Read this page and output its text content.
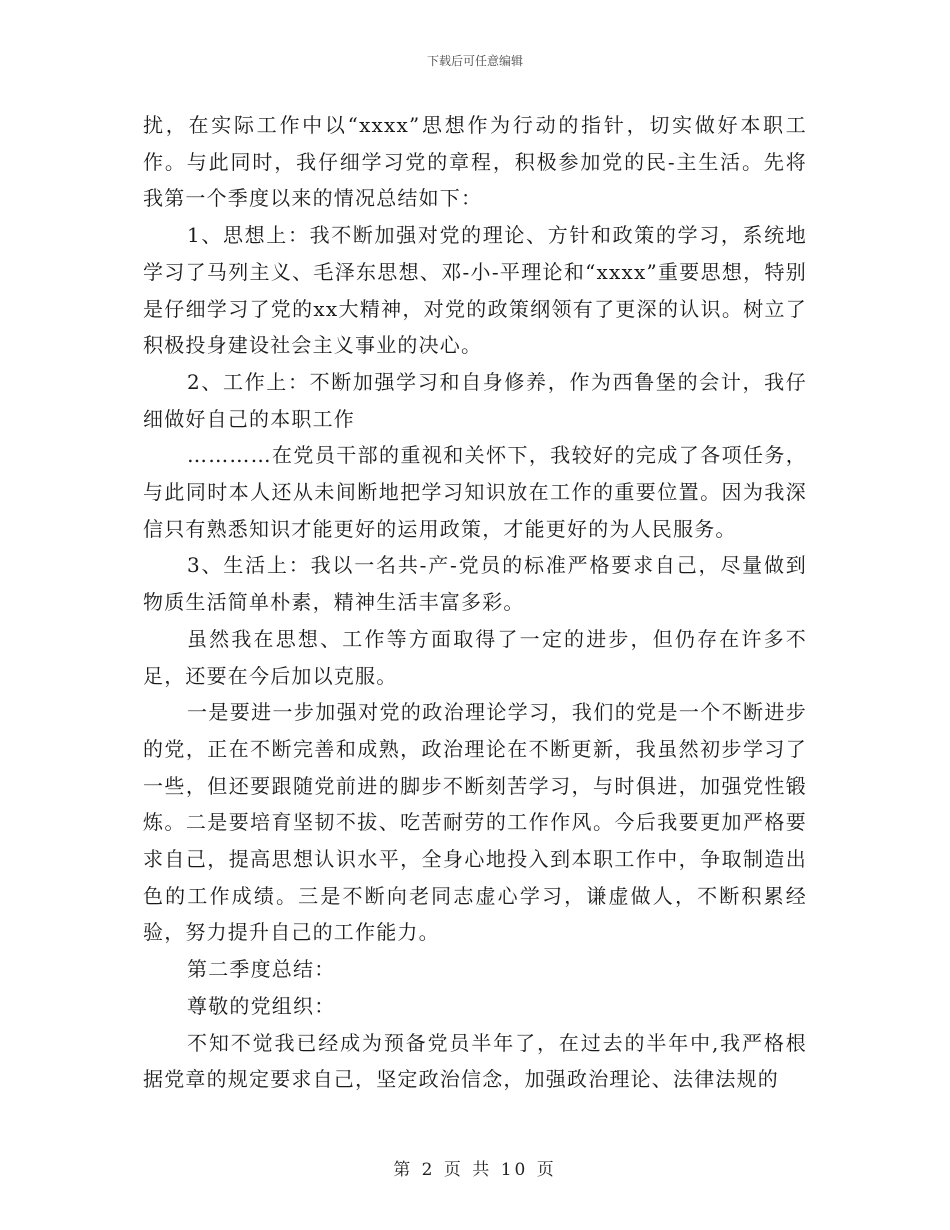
下载后可任意编辑

扰，在实际工作中以“xxxx”思想作为行动的指针，切实做好本职工作。与此同时，我仔细学习党的章程，积极参加党的民-主生活。先将我第一个季度以来的情况总结如下：

1、思想上：我不断加强对党的理论、方针和政策的学习，系统地学习了马列主义、毛泽东思想、邓-小-平理论和“xxxx”重要思想，特别是仔细学习了党的xx大精神，对党的政策纲领有了更深的认识。树立了积极投身建设社会主义事业的决心。

2、工作上：不断加强学习和自身修养，作为西鲁堡的会计，我仔细做好自己的本职工作

…………在党员干部的重视和关怀下，我较好的完成了各项任务，与此同时本人还从未间断地把学习知识放在工作的重要位置。因为我深信只有熟悉知识才能更好的运用政策，才能更好的为人民服务。

3、生活上：我以一名共-产-党员的标准严格要求自己，尽量做到物质生活简单朴素，精神生活丰富多彩。

虽然我在思想、工作等方面取得了一定的进步，但仍存在许多不足，还要在今后加以克服。

一是要进一步加强对党的政治理论学习，我们的党是一个不断进步的党，正在不断完善和成熟，政治理论在不断更新，我虽然初步学习了一些，但还要跟随党前进的脚步不断刻苦学习，与时俱进，加强党性锻炼。二是要培育坚韧不拔、吃苦耐劳的工作作风。今后我要更加严格要求自己，提高思想认识水平，全身心地投入到本职工作中，争取制造出色的工作成绩。三是不断向老同志虚心学习，谦虚做人，不断积累经验，努力提升自己的工作能力。

第二季度总结：

尊敬的党组织：

不知不觉我已经成为预备党员半年了，在过去的半年中,我严格根据党章的规定要求自己，坚定政治信念，加强政治理论、法律法规的

第 2 页 共 10 页
